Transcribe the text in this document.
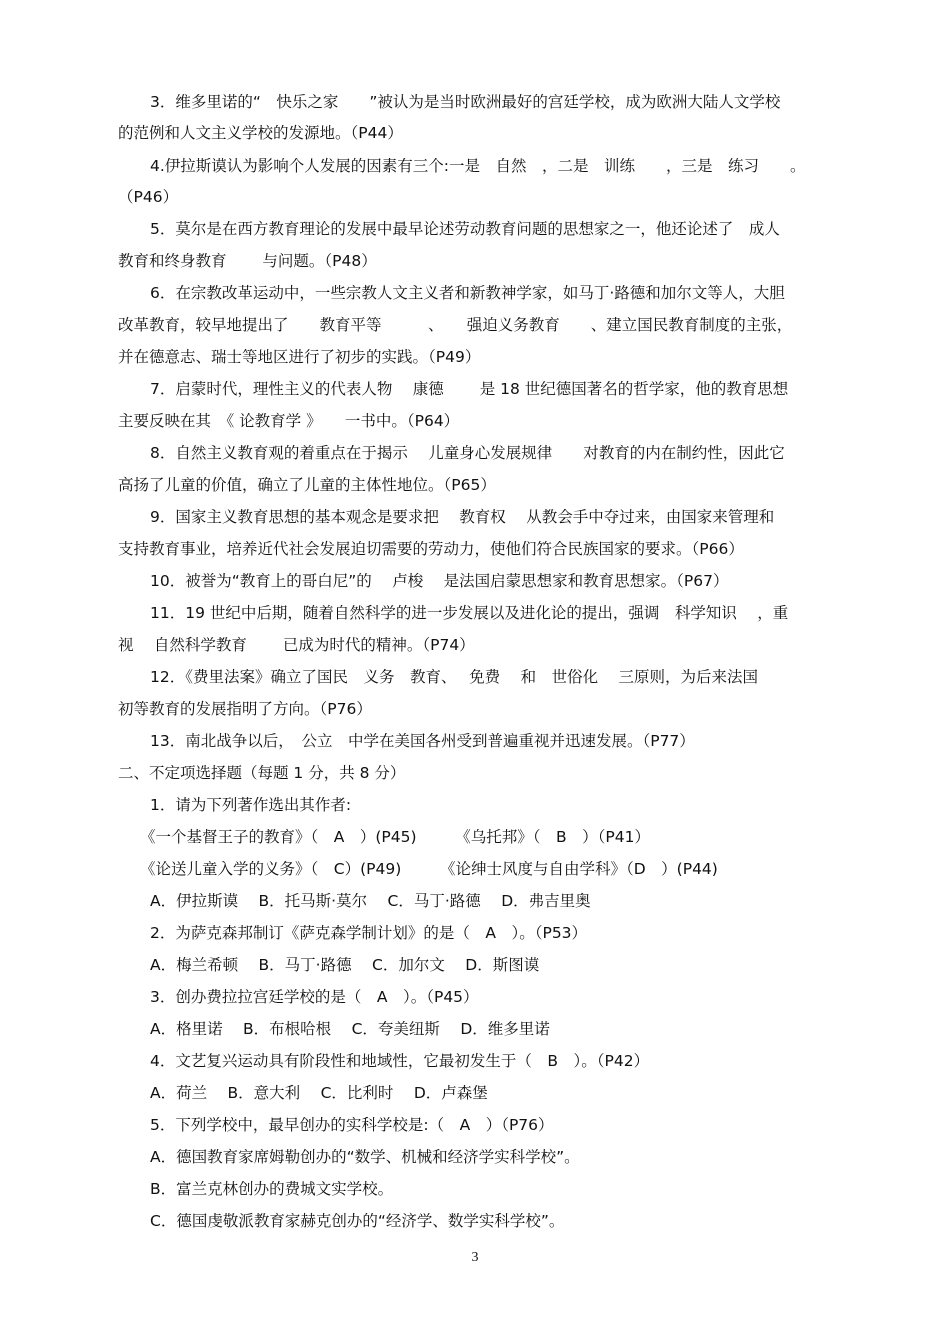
3．维多里诺的“　快乐之家　　”被认为是当时欧洲最好的宫廷学校，成为欧洲大陆人文学校
的范例和人文主义学校的发源地。（P44）
4.伊拉斯谟认为影响个人发展的因素有三个:一是　自然　，二是　训练　　，三是　练习　　。
（P46）
5．莫尔是在西方教育理论的发展中最早论述劳动教育问题的思想家之一，他还论述了　成人
教育和终身教育　　 与问题。（P48）
6．在宗教改革运动中，一些宗教人文主义者和新教神学家，如马丁·路德和加尔文等人，大胆
改革教育，较早地提出了　　教育平等　　　、　　强迫义务教育　　、建立国民教育制度的主张，
并在德意志、瑞士等地区进行了初步的实践。（P49）
7．启蒙时代，理性主义的代表人物　 康德　　 是 18 世纪德国著名的哲学家，他的教育思想
主要反映在其　《 论教育学 》　　一书中。（P64）
8．自然主义教育观的着重点在于揭示　 儿童身心发展规律　　对教育的内在制约性，因此它
高扬了儿童的价值，确立了儿童的主体性地位。（P65）
9．国家主义教育思想的基本观念是要求把　 教育权　 从教会手中夺过来，由国家来管理和
支持教育事业，培养近代社会发展迫切需要的劳动力，使他们符合民族国家的要求。（P66）
10．被誉为“教育上的哥白尼”的　 卢梭　 是法国启蒙思想家和教育思想家。（P67）
11．19 世纪中后期，随着自然科学的进一步发展以及进化论的提出，强调　科学知识　 ，重
视　 自然科学教育　　 已成为时代的精神。（P74）
12．《费里法案》确立了国民　义务　教育、　 免费　 和　世俗化　 三原则，为后来法国
初等教育的发展指明了方向。（P76）
13．南北战争以后，　公立　中学在美国各州受到普遍重视并迅速发展。（P77）
二、不定项选择题（每题 1 分，共 8 分）
1．请为下列著作选出其作者:
《一个基督王子的教育》（　A　）(P45)　　　《乌托邦》（　B　）（P41）
《论送儿童入学的义务》（　C）(P49)　　　《论绅士风度与自由学科》（D　）(P44)
A．伊拉斯谟　 B．托马斯·莫尔　 C．马丁·路德　 D．弗吉里奥
2．为萨克森邦制订《萨克森学制计划》的是（　A　）。（P53）
A．梅兰希顿　 B．马丁·路德　 C．加尔文　 D．斯图谟
3．创办费拉拉宫廷学校的是（　A　）。（P45）
A．格里诺　 B．布根哈根　 C．夸美纽斯　 D．维多里诺
4．文艺复兴运动具有阶段性和地域性，它最初发生于（　B　）。（P42）
A．荷兰　 B．意大利　 C．比利时　 D．卢森堡
5．下列学校中，最早创办的实科学校是:（　A　）（P76）
A．德国教育家席姆勒创办的“数学、机械和经济学实科学校”。
B．富兰克林创办的费城文实学校。
C．德国虔敬派教育家赫克创办的“经济学、数学实科学校”。
3
